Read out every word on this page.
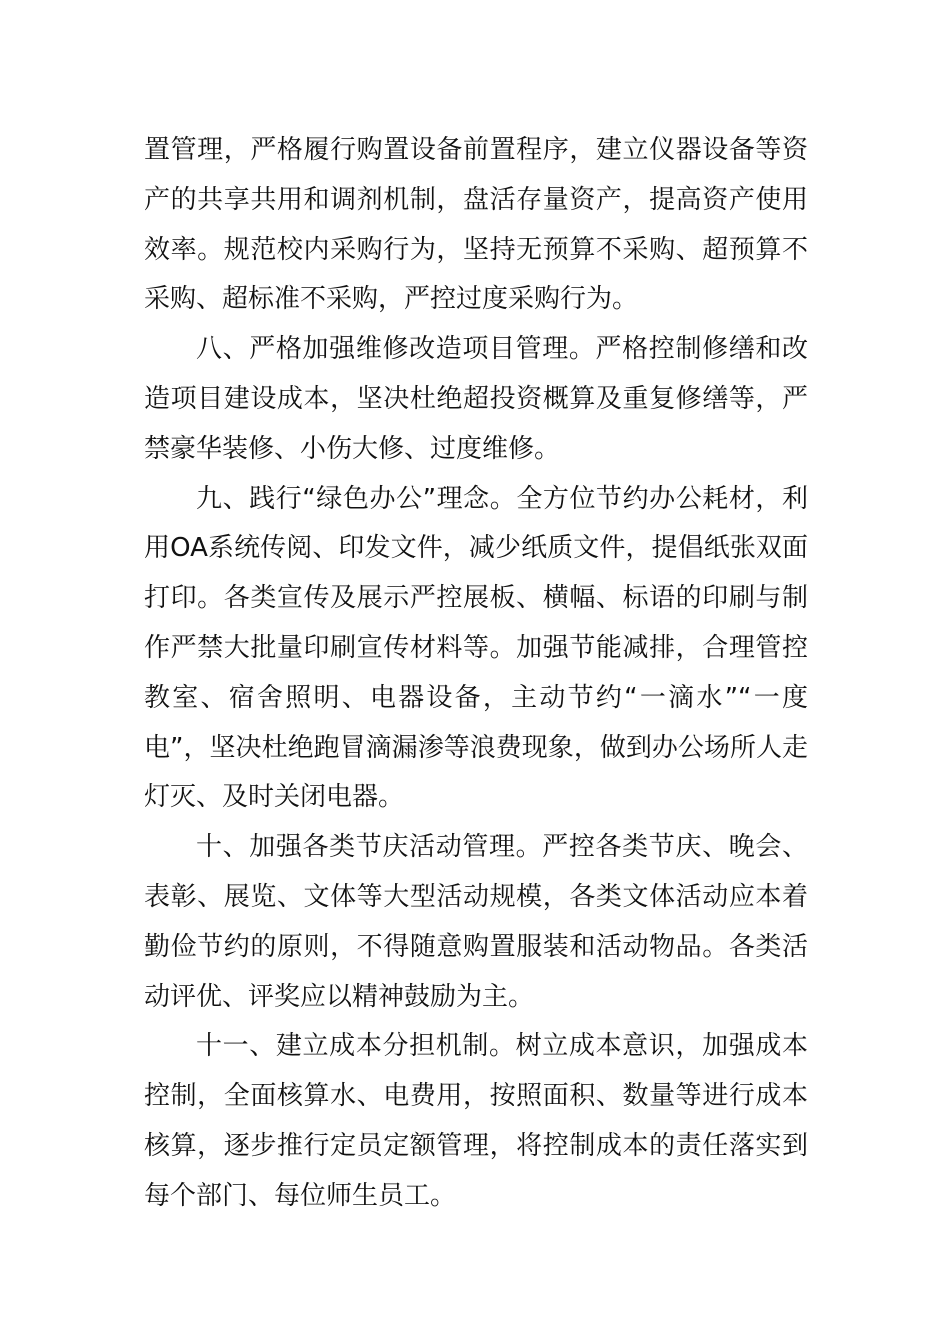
置管理，严格履行购置设备前置程序，建立仪器设备等资产的共享共用和调剂机制，盘活存量资产，提高资产使用效率。规范校内采购行为，坚持无预算不采购、超预算不采购、超标准不采购，严控过度采购行为。

八、严格加强维修改造项目管理。严格控制修缮和改造项目建设成本，坚决杜绝超投资概算及重复修缮等，严禁豪华装修、小伤大修、过度维修。

九、践行“绿色办公”理念。全方位节约办公耗材，利用OA系统传阅、印发文件，减少纸质文件，提倡纸张双面打印。各类宣传及展示严控展板、横幅、标语的印刷与制作严禁大批量印刷宣传材料等。加强节能减排，合理管控教室、宿舍照明、电器设备，主动节约“一滴水”“一度电”，坚决杜绝跑冒滴漏渗等浪费现象，做到办公场所人走灯灭、及时关闭电器。

十、加强各类节庆活动管理。严控各类节庆、晚会、表彰、展览、文体等大型活动规模，各类文体活动应本着勤俭节约的原则，不得随意购置服装和活动物品。各类活动评优、评奖应以精神鼓励为主。

十一、建立成本分担机制。树立成本意识，加强成本控制，全面核算水、电费用，按照面积、数量等进行成本核算，逐步推行定员定额管理，将控制成本的责任落实到每个部门、每位师生员工。
